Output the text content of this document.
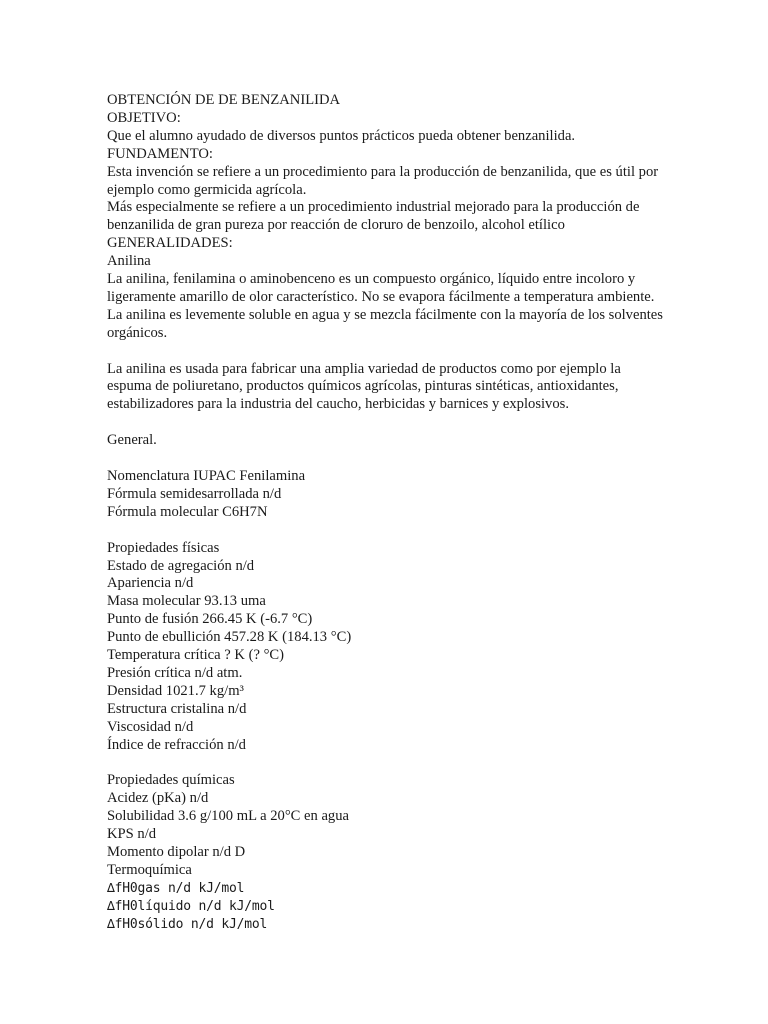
OBTENCIÓN DE DE BENZANILIDA
OBJETIVO:
Que el alumno ayudado de diversos puntos prácticos pueda obtener benzanilida.
FUNDAMENTO:
Esta invención se refiere a un procedimiento para la producción de benzanilida, que es útil por ejemplo como germicida agrícola.
Más especialmente se refiere a un procedimiento industrial mejorado para la producción de benzanilida de gran pureza por reacción de cloruro de benzoilo, alcohol etílico
GENERALIDADES:
Anilina
La anilina, fenilamina o aminobenceno es un compuesto orgánico, líquido entre incoloro y ligeramente amarillo de olor característico. No se evapora fácilmente a temperatura ambiente. La anilina es levemente soluble en agua y se mezcla fácilmente con la mayoría de los solventes orgánicos.
La anilina es usada para fabricar una amplia variedad de productos como por ejemplo la espuma de poliuretano, productos químicos agrícolas, pinturas sintéticas, antioxidantes, estabilizadores para la industria del caucho, herbicidas y barnices y explosivos.
General.
Nomenclatura IUPAC Fenilamina
Fórmula semidesarrollada n/d
Fórmula molecular C6H7N
Propiedades físicas
Estado de agregación n/d
Apariencia n/d
Masa molecular 93.13 uma
Punto de fusión 266.45 K (-6.7 °C)
Punto de ebullición 457.28 K (184.13 °C)
Temperatura crítica ? K (? °C)
Presión crítica n/d atm.
Densidad 1021.7 kg/m³
Estructura cristalina n/d
Viscosidad n/d
Índice de refracción n/d
Propiedades químicas
Acidez (pKa) n/d
Solubilidad 3.6 g/100 mL a 20°C en agua
KPS n/d
Momento dipolar n/d D
Termoquímica
∆fH0gas n/d kJ/mol
∆fH0líquido n/d kJ/mol
∆fH0sólido n/d kJ/mol
